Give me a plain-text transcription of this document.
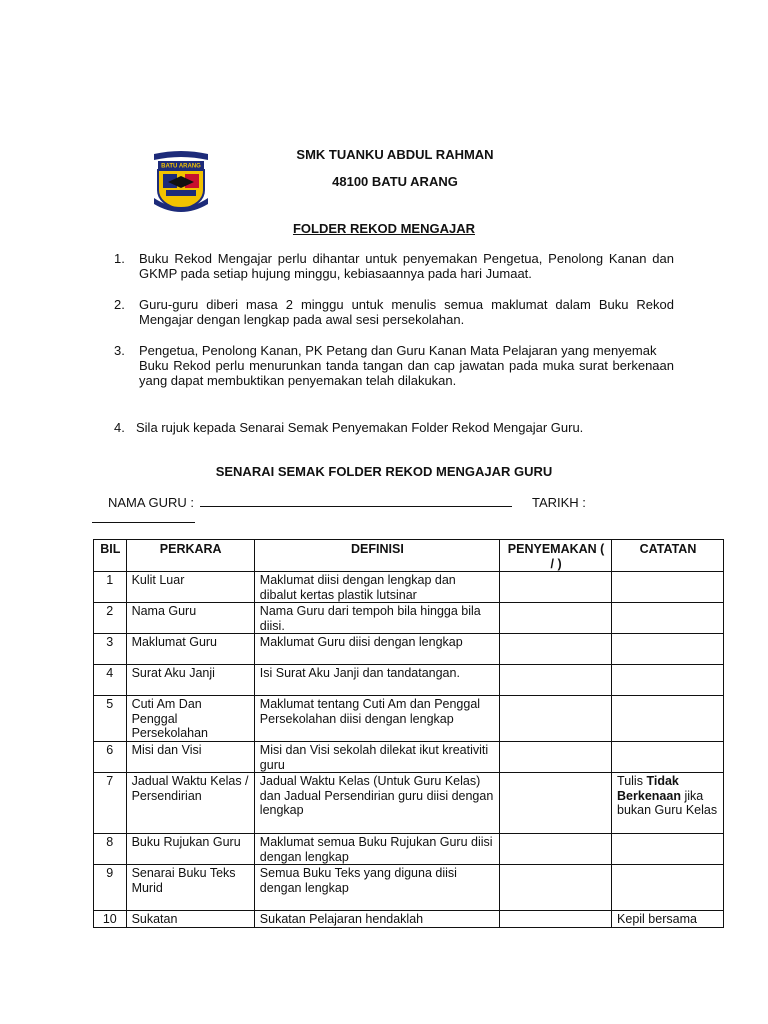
BATU ARANG
SMK TUANKU ABDUL RAHMAN
48100 BATU ARANG
FOLDER REKOD MENGAJAR
1. Buku Rekod Mengajar perlu dihantar untuk penyemakan Pengetua, Penolong Kanan dan GKMP pada setiap hujung minggu, kebiasaannya pada hari Jumaat.

2. Guru-guru diberi masa 2 minggu untuk menulis semua maklumat dalam Buku Rekod Mengajar dengan lengkap pada awal sesi persekolahan.

3. Pengetua, Penolong Kanan, PK Petang dan Guru Kanan Mata Pelajaran yang menyemak

Buku Rekod perlu menurunkan tanda tangan dan cap jawatan pada muka surat berkenaan yang dapat membuktikan penyemakan telah dilakukan.

4. Sila rujuk kepada Senarai Semak Penyemakan Folder Rekod Mengajar Guru.

SENARAI SEMAK FOLDER REKOD MENGAJAR GURU
NAMA GURU :	TARIKH :
BIL	PERKARA	DEFINISI	PENYEMAKAN ( / )	CATATAN
1	Kulit Luar	Maklumat diisi dengan lengkap dan dibalut kertas plastik lutsinar		
2	Nama Guru	Nama Guru dari tempoh bila hingga bila diisi.		
3	Maklumat Guru	Maklumat Guru diisi dengan lengkap		
4	Surat Aku Janji	Isi Surat Aku Janji dan tandatangan.		
5	Cuti Am Dan Penggal Persekolahan	Maklumat tentang Cuti Am dan Penggal Persekolahan diisi dengan lengkap		
6	Misi dan Visi	Misi dan Visi sekolah dilekat ikut kreativiti guru		
7	Jadual Waktu Kelas / Persendirian	Jadual Waktu Kelas (Untuk Guru Kelas)
dan Jadual Persendirian guru diisi dengan lengkap		Tulis Tidak Berkenaan jika bukan Guru Kelas
8	Buku Rujukan Guru	Maklumat semua Buku Rujukan Guru diisi dengan lengkap		
9	Senarai Buku Teks Murid	Semua Buku Teks yang diguna diisi dengan lengkap		
10	Sukatan	Sukatan Pelajaran hendaklah		Kepil bersama
